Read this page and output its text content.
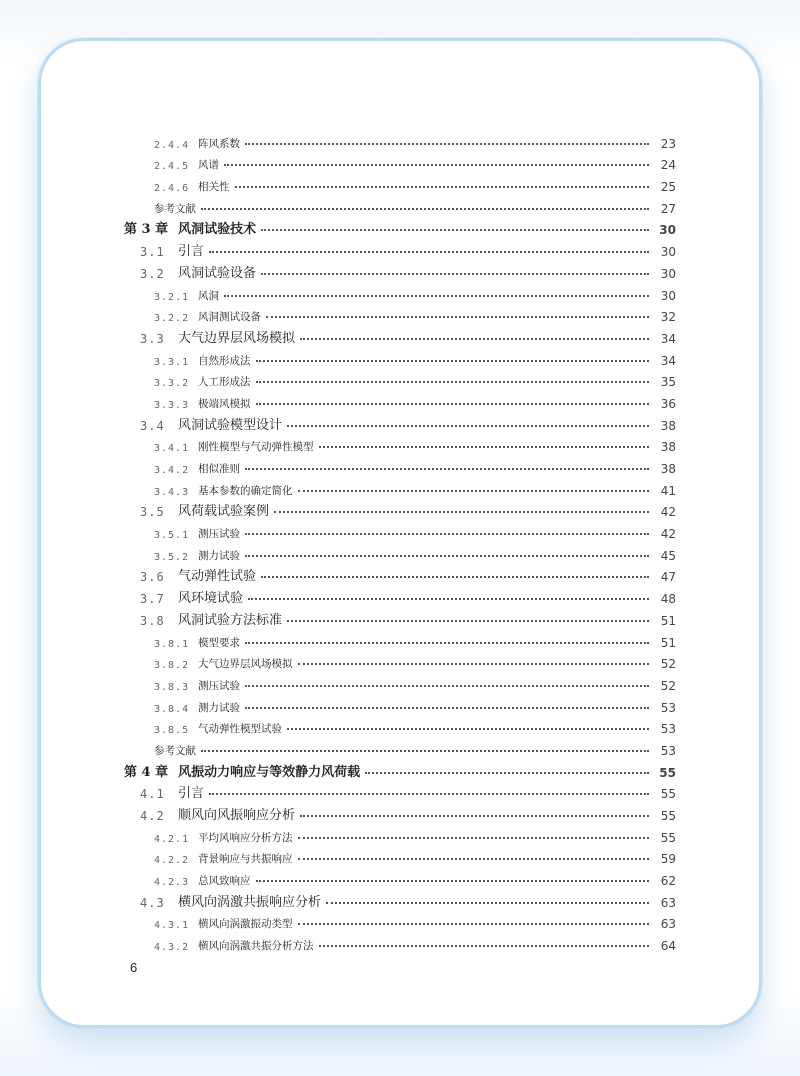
2.4.4 阵风系数	23
2.4.5 风谱	24
2.4.6 相关性	25
参考文献	27
第 3 章 风洞试验技术	30
3.1	引言	30
3.2	风洞试验设备	30
3.2.1 风洞	30
3.2.2 风洞测试设备	32
3.3	大气边界层风场模拟	34
3.3.1 自然形成法	34
3.3.2 人工形成法	35
3.3.3 极端风模拟	36
3.4	风洞试验模型设计	38
3.4.1 刚性模型与气动弹性模型	38
3.4.2 相似准则	38
3.4.3 基本参数的确定简化	41
3.5	风荷载试验案例	42
3.5.1 测压试验	42
3.5.2 测力试验	45
3.6	气动弹性试验	47
3.7	风环境试验	48
3.8	风洞试验方法标准	51
3.8.1 模型要求	51
3.8.2 大气边界层风场模拟	52
3.8.3 测压试验	52
3.8.4 测力试验	53
3.8.5 气动弹性模型试验	53
参考文献	53
第 4 章 风振动力响应与等效静力风荷载	55
4.1	引言	55
4.2	顺风向风振响应分析	55
4.2.1 平均风响应分析方法	55
4.2.2 背景响应与共振响应	59
4.2.3 总风致响应	62
4.3	横风向涡激共振响应分析	63
4.3.1 横风向涡激振动类型	63
4.3.2 横风向涡激共振分析方法	64
6
